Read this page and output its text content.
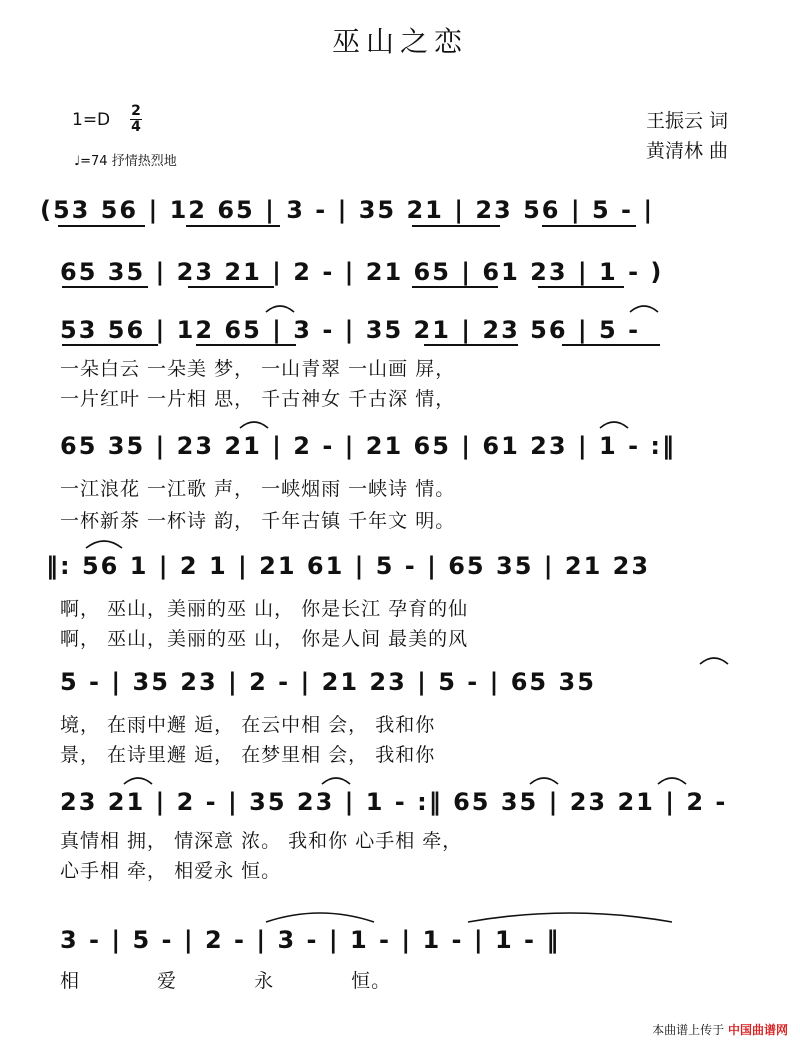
巫山之恋
1=D 2
4
♩=74 抒情热烈地
王振云 词
黄清林 曲
(53 56 | 12 65 | 3 - | 35 21 | 23 56 | 5 - |
65 35 | 23 21 | 2 - | 21 65 | 61 23 | 1 - )
53 56 | 12 65 | 3 - | 35 21 | 23 56 | 5 -
一朵白云 一朵美 梦， 一山青翠 一山画 屏，
一片红叶 一片相 思， 千古神女 千古深 情，
65 35 | 23 21 | 2 - | 21 65 | 61 23 | 1 - :‖
一江浪花 一江歌 声， 一峡烟雨 一峡诗 情。
一杯新茶 一杯诗 韵， 千年古镇 千年文 明。
‖: 56 1 | 2 1 | 21 61 | 5 - | 65 35 | 21 23
啊， 巫山，美丽的巫 山， 你是长江 孕育的仙
啊， 巫山，美丽的巫 山， 你是人间 最美的风
5 - | 35 23 | 2 - | 21 23 | 5 - | 65 35
境， 在雨中邂 逅， 在云中相 会， 我和你
景， 在诗里邂 逅， 在梦里相 会， 我和你
23 21 | 2 - | 35 23 | 1 - :‖ 65 35 | 23 21 | 2 -
真情相 拥， 情深意 浓。 我和你 心手相 牵，
心手相 牵， 相爱永 恒。
3 - | 5 - | 2 - | 3 - | 1 - | 1 - | 1 - ‖
相 爱 永 恒。
本曲谱上传于 中国曲谱网
